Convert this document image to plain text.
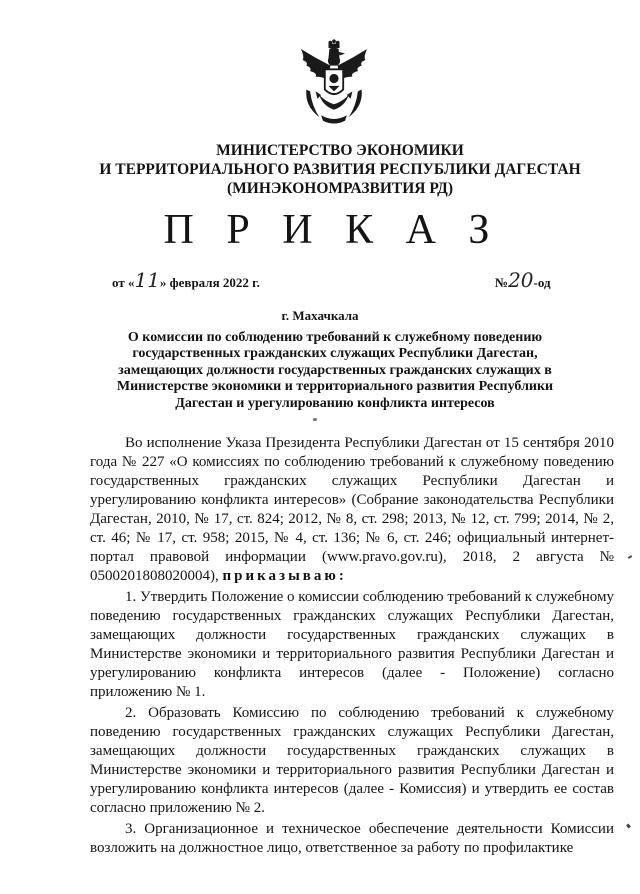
МИНИСТЕРСТВО ЭКОНОМИКИ
И ТЕРРИТОРИАЛЬНОГО РАЗВИТИЯ РЕСПУБЛИКИ ДАГЕСТАН
(МИНЭКОНОМРАЗВИТИЯ РД)
П Р И К А З
от «11» февраля 2022 г.	№20-од
г. Махачкала
О комиссии по соблюдению требований к служебному поведению государственных гражданских служащих Республики Дагестан, замещающих должности государственных гражданских служащих в Министерстве экономики и территориального развития Республики Дагестан и урегулированию конфликта интересов

Во исполнение Указа Президента Республики Дагестан от 15 сентября 2010 года № 227 «О комиссиях по соблюдению требований к служебному поведению государственных гражданских служащих Республики Дагестан и урегулированию конфликта интересов» (Собрание законодательства Республики Дагестан, 2010, № 17, ст. 824; 2012, № 8, ст. 298; 2013, № 12, ст. 799; 2014, № 2, ст. 46; № 17, ст. 958; 2015, № 4, ст. 136; № 6, ст. 246; официальный интернет-портал правовой информации (www.pravo.gov.ru), 2018, 2 августа № 0500201808020004), приказываю:

1. Утвердить Положение о комиссии соблюдению требований к служебному поведению государственных гражданских служащих Республики Дагестан, замещающих должности государственных гражданских служащих в Министерстве экономики и территориального развития Республики Дагестан и урегулированию конфликта интересов (далее - Положение) согласно приложению № 1.

2. Образовать Комиссию по соблюдению требований к служебному поведению государственных гражданских служащих Республики Дагестан, замещающих должности государственных гражданских служащих в Министерстве экономики и территориального развития Республики Дагестан и урегулированию конфликта интересов (далее - Комиссия) и утвердить ее состав согласно приложению № 2.

3. Организационное и техническое обеспечение деятельности Комиссии возложить на должностное лицо, ответственное за работу по профилактике
